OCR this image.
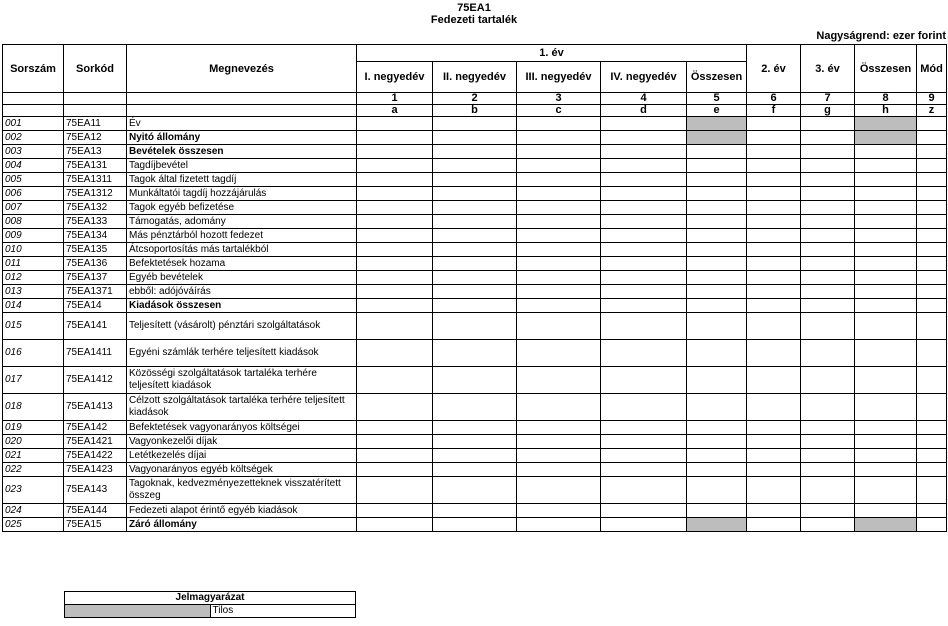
75EA1
Fedezeti tartalék
Nagyságrend: ezer forint
Sorszám	Sorkód	Megnevezés	1. év					2. év	3. év	Összesen	Mód
			I. negyedév	II. negyedév	III. negyedév	IV. negyedév	Összesen				
			1	2	3	4	5	6	7	8	9
			a	b	c	d	e	f	g	h	z
001	75EA11	Év									
002	75EA12	Nyitó állomány									
003	75EA13	Bevételek összesen									
004	75EA131	Tagdíjbevétel									
005	75EA1311	Tagok által fizetett tagdíj									
006	75EA1312	Munkáltatói tagdíj hozzájárulás									
007	75EA132	Tagok egyéb befizetése									
008	75EA133	Támogatás, adomány									
009	75EA134	Más pénztárból hozott fedezet									
010	75EA135	Átcsoportosítás más tartalékból									
011	75EA136	Befektetések hozama									
012	75EA137	Egyéb bevételek									
013	75EA1371	ebből: adójóváírás									
014	75EA14	Kiadások összesen									
015	75EA141	Teljesített (vásárolt) pénztári szolgáltatások									
016	75EA1411	Egyéni számlák terhére teljesített kiadások									
017	75EA1412	Közösségi szolgáltatások tartaléka terhére teljesített kiadások									
018	75EA1413	Célzott szolgáltatások tartaléka terhére teljesített kiadások									
019	75EA142	Befektetések vagyonarányos költségei									
020	75EA1421	Vagyonkezelői díjak									
021	75EA1422	Letétkezelés díjai									
022	75EA1423	Vagyonarányos egyéb költségek									
023	75EA143	Tagoknak, kedvezményezetteknek visszatérített összeg									
024	75EA144	Fedezeti alapot érintő egyéb kiadások									
025	75EA15	Záró állomány									
Jelmagyarázat
	Tilos
